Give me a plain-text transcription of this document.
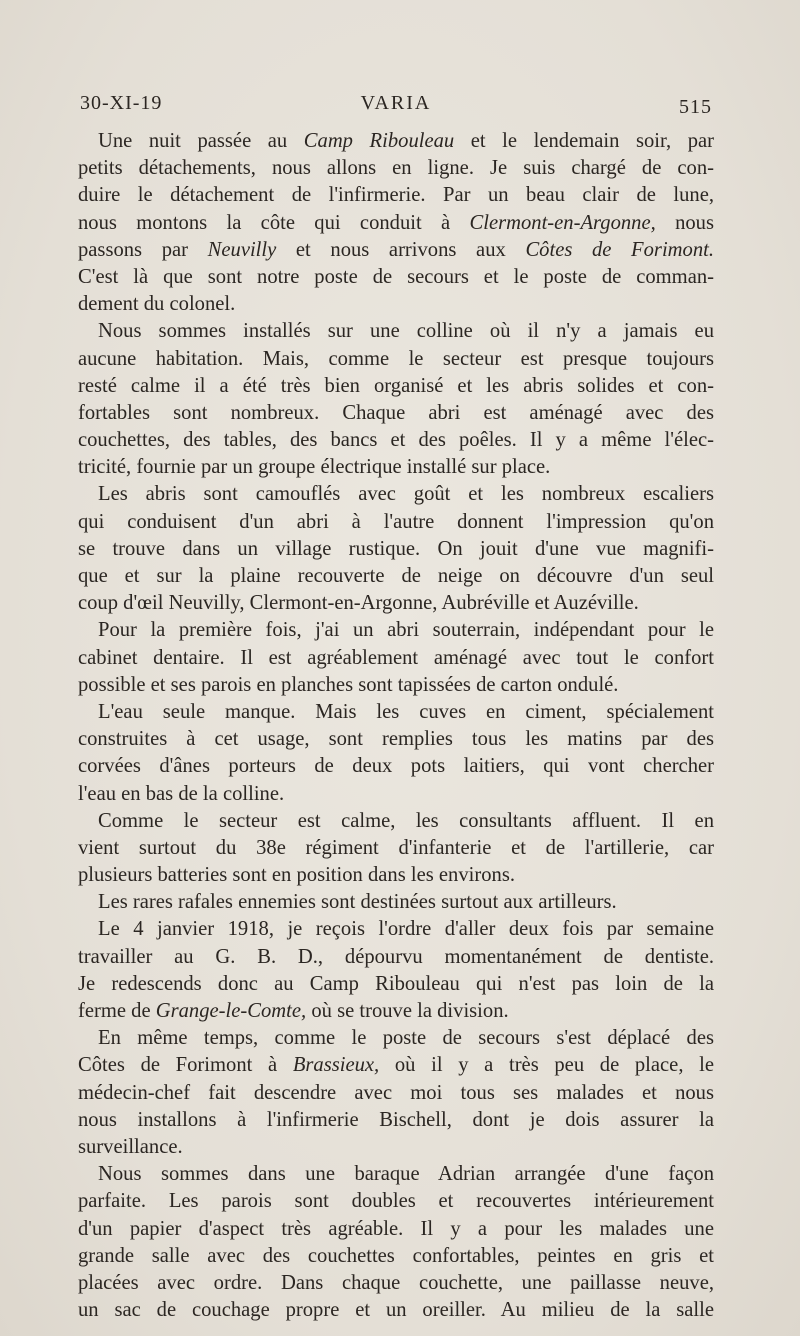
30-XI-19	VARIA	515
Une nuit passée au Camp Ribouleau et le lendemain soir, par
petits détachements, nous allons en ligne. Je suis chargé de con-
duire le détachement de l'infirmerie. Par un beau clair de lune,
nous montons la côte qui conduit à Clermont-en-Argonne, nous
passons par Neuvilly et nous arrivons aux Côtes de Forimont.
C'est là que sont notre poste de secours et le poste de comman-
dement du colonel.
Nous sommes installés sur une colline où il n'y a jamais eu
aucune habitation. Mais, comme le secteur est presque toujours
resté calme il a été très bien organisé et les abris solides et con-
fortables sont nombreux. Chaque abri est aménagé avec des
couchettes, des tables, des bancs et des poêles. Il y a même l'élec-
tricité, fournie par un groupe électrique installé sur place.
Les abris sont camouflés avec goût et les nombreux escaliers
qui conduisent d'un abri à l'autre donnent l'impression qu'on
se trouve dans un village rustique. On jouit d'une vue magnifi-
que et sur la plaine recouverte de neige on découvre d'un seul
coup d'œil Neuvilly, Clermont-en-Argonne, Aubréville et Auzéville.
Pour la première fois, j'ai un abri souterrain, indépendant pour le
cabinet dentaire. Il est agréablement aménagé avec tout le confort
possible et ses parois en planches sont tapissées de carton ondulé.
L'eau seule manque. Mais les cuves en ciment, spécialement
construites à cet usage, sont remplies tous les matins par des
corvées d'ânes porteurs de deux pots laitiers, qui vont chercher
l'eau en bas de la colline.
Comme le secteur est calme, les consultants affluent. Il en
vient surtout du 38e régiment d'infanterie et de l'artillerie, car
plusieurs batteries sont en position dans les environs.
Les rares rafales ennemies sont destinées surtout aux artilleurs.
Le 4 janvier 1918, je reçois l'ordre d'aller deux fois par semaine
travailler au G. B. D., dépourvu momentanément de dentiste.
Je redescends donc au Camp Ribouleau qui n'est pas loin de la
ferme de Grange-le-Comte, où se trouve la division.
En même temps, comme le poste de secours s'est déplacé des
Côtes de Forimont à Brassieux, où il y a très peu de place, le
médecin-chef fait descendre avec moi tous ses malades et nous
nous installons à l'infirmerie Bischell, dont je dois assurer la
surveillance.
Nous sommes dans une baraque Adrian arrangée d'une façon
parfaite. Les parois sont doubles et recouvertes intérieurement
d'un papier d'aspect très agréable. Il y a pour les malades une
grande salle avec des couchettes confortables, peintes en gris et
placées avec ordre. Dans chaque couchette, une paillasse neuve,
un sac de couchage propre et un oreiller. Au milieu de la salle
